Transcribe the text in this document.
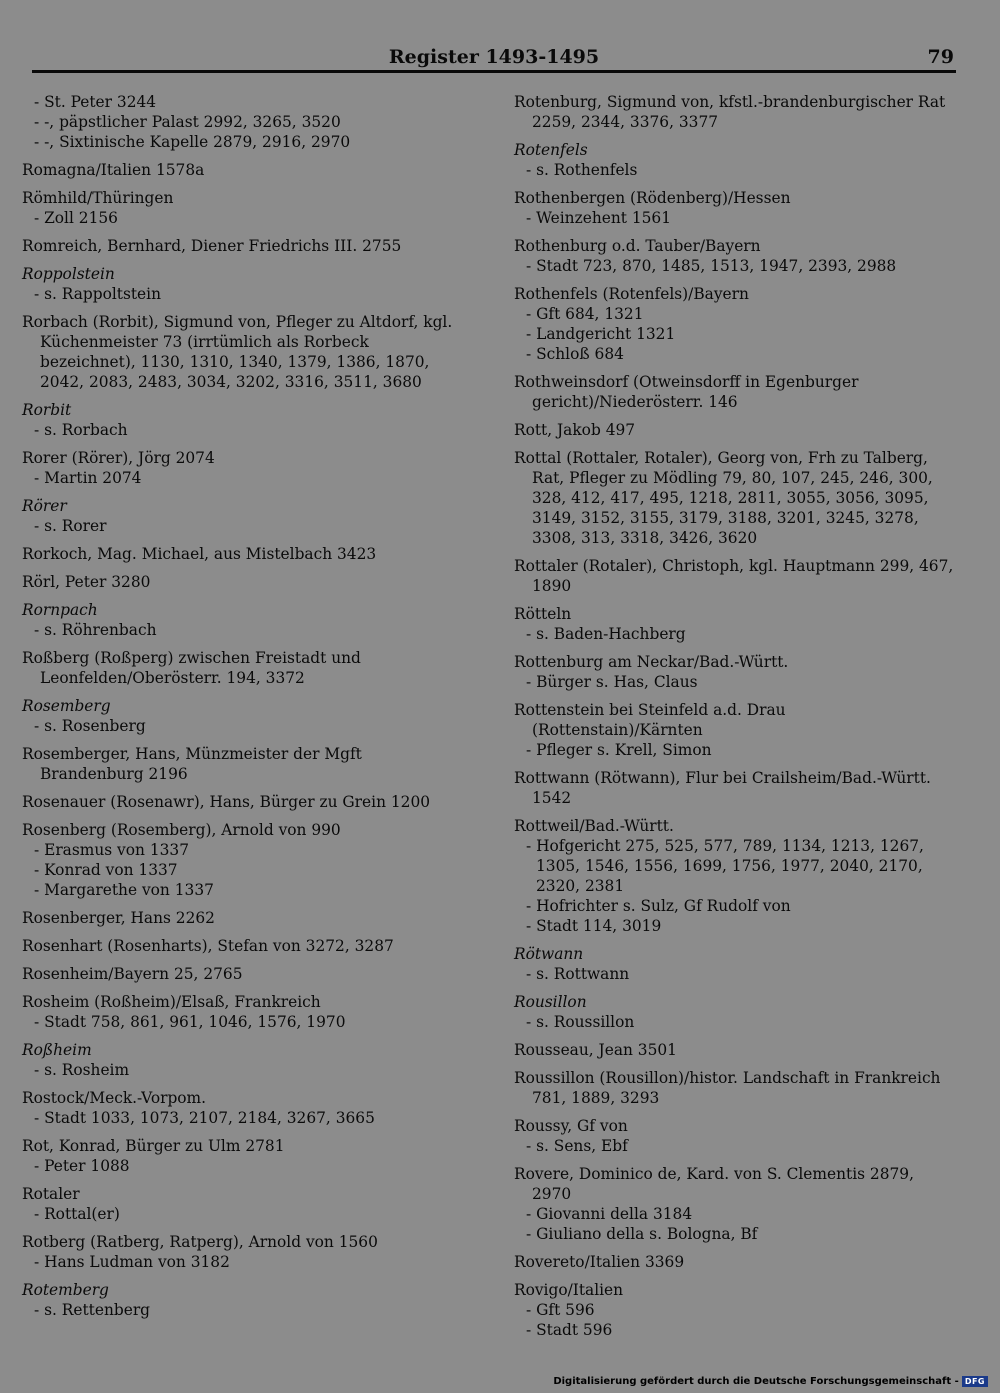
Register 1493-1495	79
- St. Peter 3244
- -, päpstlicher Palast 2992, 3265, 3520
- -, Sixtinische Kapelle 2879, 2916, 2970
Romagna/Italien 1578a
Römhild/Thüringen
- Zoll 2156
Romreich, Bernhard, Diener Friedrichs III. 2755
Roppolstein
- s. Rappoltstein
Rorbach (Rorbit), Sigmund von, Pfleger zu Altdorf, kgl. Küchenmeister 73 (irrtümlich als Rorbeck bezeichnet), 1130, 1310, 1340, 1379, 1386, 1870, 2042, 2083, 2483, 3034, 3202, 3316, 3511, 3680
Rorbit
- s. Rorbach
Rorer (Rörer), Jörg 2074
- Martin 2074
Rörer
- s. Rorer
Rorkoch, Mag. Michael, aus Mistelbach 3423
Rörl, Peter 3280
Rornpach
- s. Röhrenbach
Roßberg (Roßperg) zwischen Freistadt und Leonfelden/Oberösterr. 194, 3372
Rosemberg
- s. Rosenberg
Rosemberger, Hans, Münzmeister der Mgft Brandenburg 2196
Rosenauer (Rosenawr), Hans, Bürger zu Grein 1200
Rosenberg (Rosemberg), Arnold von 990
- Erasmus von 1337
- Konrad von 1337
- Margarethe von 1337
Rosenberger, Hans 2262
Rosenhart (Rosenharts), Stefan von 3272, 3287
Rosenheim/Bayern 25, 2765
Rosheim (Roßheim)/Elsaß, Frankreich
- Stadt 758, 861, 961, 1046, 1576, 1970
Roßheim
- s. Rosheim
Rostock/Meck.-Vorpom.
- Stadt 1033, 1073, 2107, 2184, 3267, 3665
Rot, Konrad, Bürger zu Ulm 2781
- Peter 1088
Rotaler
- Rottal(er)
Rotberg (Ratberg, Ratperg), Arnold von 1560
- Hans Ludman von 3182
Rotemberg
- s. Rettenberg
Rotenburg, Sigmund von, kfstl.-brandenburgischer Rat 2259, 2344, 3376, 3377
Rotenfels
- s. Rothenfels
Rothenbergen (Rödenberg)/Hessen
- Weinzehent 1561
Rothenburg o.d. Tauber/Bayern
- Stadt 723, 870, 1485, 1513, 1947, 2393, 2988
Rothenfels (Rotenfels)/Bayern
- Gft 684, 1321
- Landgericht 1321
- Schloß 684
Rothweinsdorf (Otweinsdorff in Egenburger gericht)/Niederösterr. 146
Rott, Jakob 497
Rottal (Rottaler, Rotaler), Georg von, Frh zu Talberg, Rat, Pfleger zu Mödling 79, 80, 107, 245, 246, 300, 328, 412, 417, 495, 1218, 2811, 3055, 3056, 3095, 3149, 3152, 3155, 3179, 3188, 3201, 3245, 3278, 3308, 313, 3318, 3426, 3620
Rottaler (Rotaler), Christoph, kgl. Hauptmann 299, 467, 1890
Rötteln
- s. Baden-Hachberg
Rottenburg am Neckar/Bad.-Württ.
- Bürger s. Has, Claus
Rottenstein bei Steinfeld a.d. Drau (Rottenstain)/Kärnten
- Pfleger s. Krell, Simon
Rottwann (Rötwann), Flur bei Crailsheim/Bad.-Württ. 1542
Rottweil/Bad.-Württ.
- Hofgericht 275, 525, 577, 789, 1134, 1213, 1267, 1305, 1546, 1556, 1699, 1756, 1977, 2040, 2170, 2320, 2381
- Hofrichter s. Sulz, Gf Rudolf von
- Stadt 114, 3019
Rötwann
- s. Rottwann
Rousillon
- s. Roussillon
Rousseau, Jean 3501
Roussillon (Rousillon)/histor. Landschaft in Frankreich 781, 1889, 3293
Roussy, Gf von
- s. Sens, Ebf
Rovere, Dominico de, Kard. von S. Clementis 2879, 2970
- Giovanni della 3184
- Giuliano della s. Bologna, Bf
Rovereto/Italien 3369
Rovigo/Italien
- Gft 596
- Stadt 596
Digitalisierung gefördert durch die Deutsche Forschungsgemeinschaft - DFG
